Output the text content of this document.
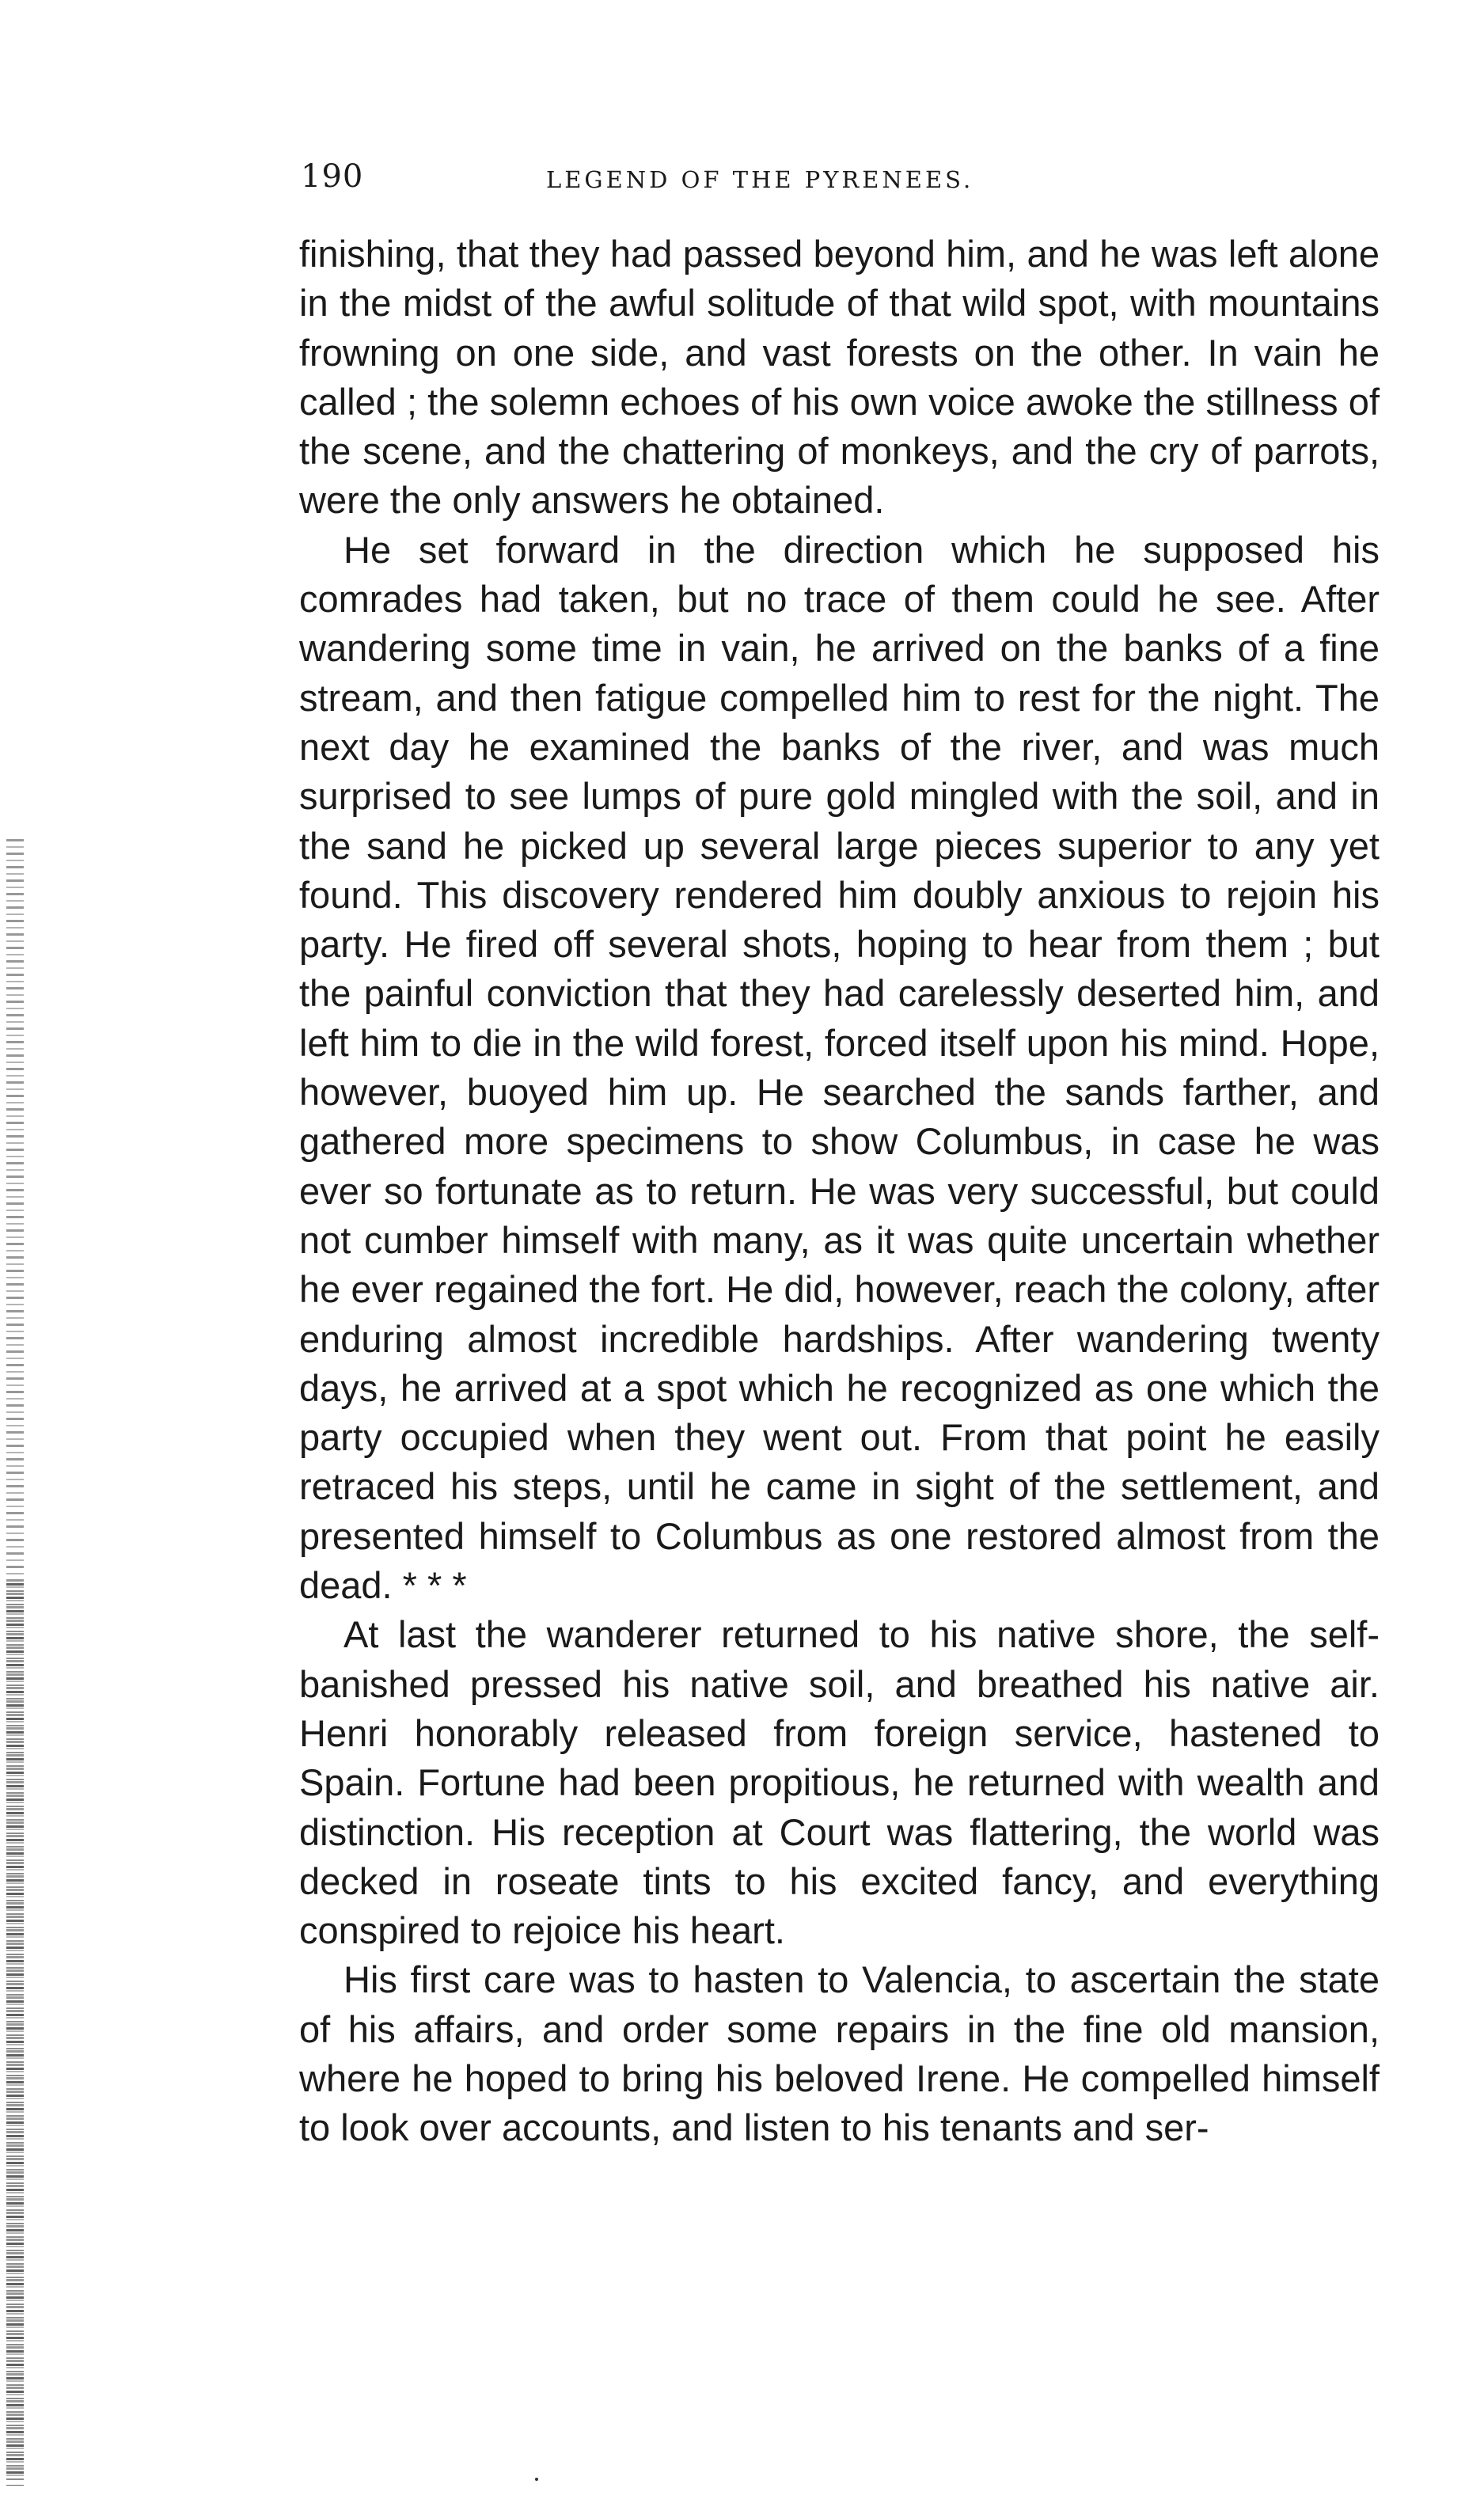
190	LEGEND OF THE PYRENEES.

finishing, that they had passed beyond him, and he was left alone in the midst of the awful solitude of that wild spot, with mountains frowning on one side, and vast forests on the other. In vain he called ; the solemn echoes of his own voice awoke the stillness of the scene, and the chattering of monkeys, and the cry of parrots, were the only answers he obtained.

He set forward in the direction which he supposed his comrades had taken, but no trace of them could he see. After wandering some time in vain, he arrived on the banks of a fine stream, and then fatigue compelled him to rest for the night. The next day he examined the banks of the river, and was much surprised to see lumps of pure gold mingled with the soil, and in the sand he picked up several large pieces superior to any yet found. This discovery rendered him doubly anxious to rejoin his party. He fired off several shots, hoping to hear from them ; but the painful conviction that they had carelessly deserted him, and left him to die in the wild forest, forced itself upon his mind. Hope, however, buoyed him up. He searched the sands farther, and gathered more specimens to show Columbus, in case he was ever so fortunate as to return. He was very successful, but could not cumber himself with many, as it was quite uncertain whether he ever regained the fort. He did, however, reach the colony, after enduring almost incredible hardships. After wandering twenty days, he arrived at a spot which he recognized as one which the party occupied when they went out. From that point he easily retraced his steps, until he came in sight of the settlement, and presented himself to Columbus as one restored almost from the dead. * * *

At last the wanderer returned to his native shore, the self-banished pressed his native soil, and breathed his native air. Henri honorably released from foreign service, hastened to Spain. Fortune had been propitious, he returned with wealth and distinction. His reception at Court was flattering, the world was decked in roseate tints to his excited fancy, and everything conspired to rejoice his heart.

His first care was to hasten to Valencia, to ascertain the state of his affairs, and order some repairs in the fine old mansion, where he hoped to bring his beloved Irene. He compelled himself to look over accounts, and listen to his tenants and ser-
